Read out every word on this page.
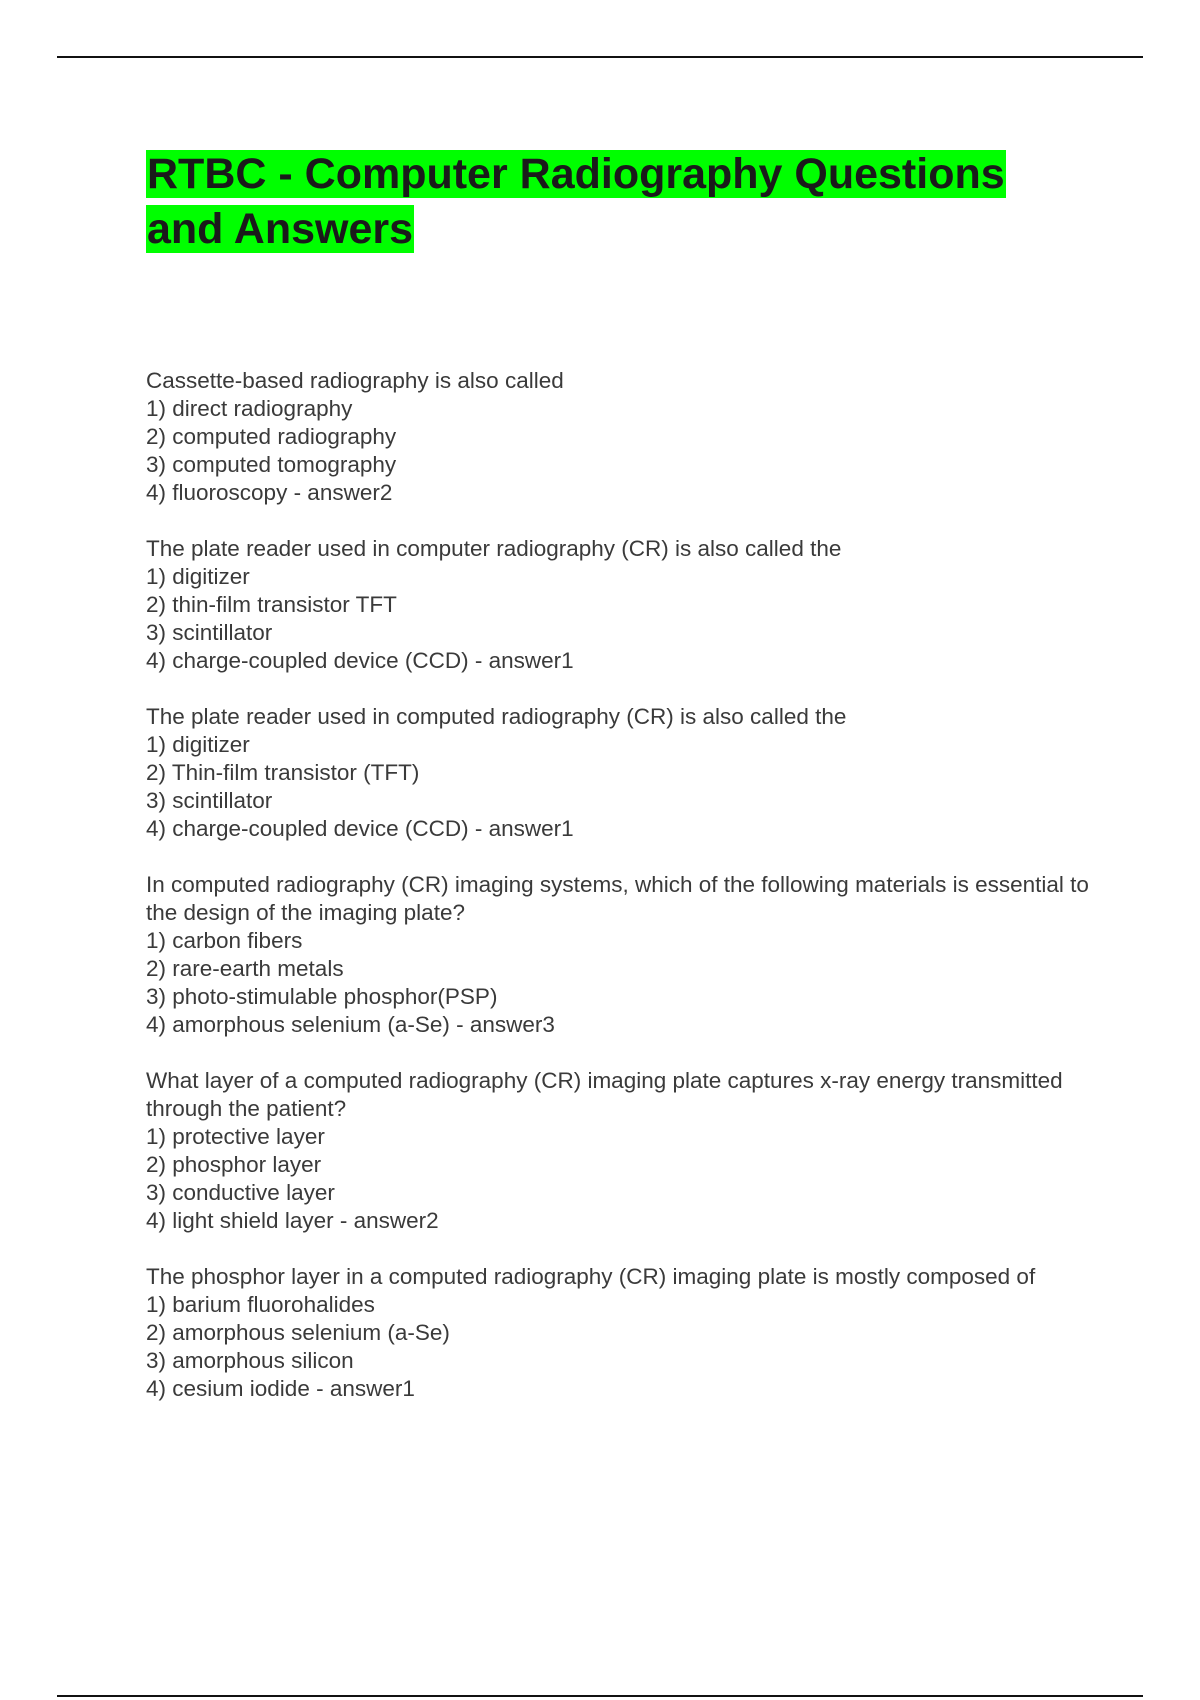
RTBC - Computer Radiography Questions and Answers
Cassette-based radiography is also called
1) direct radiography
2) computed radiography
3) computed tomography
4) fluoroscopy - answer2
The plate reader used in computer radiography (CR) is also called the
1) digitizer
2) thin-film transistor TFT
3) scintillator
4) charge-coupled device (CCD) - answer1
The plate reader used in computed radiography (CR) is also called the
1) digitizer
2) Thin-film transistor (TFT)
3) scintillator
4) charge-coupled device (CCD) - answer1
In computed radiography (CR) imaging systems, which of the following materials is essential to the design of the imaging plate?
1) carbon fibers
2) rare-earth metals
3) photo-stimulable phosphor(PSP)
4) amorphous selenium (a-Se) - answer3
What layer of a computed radiography (CR) imaging plate captures x-ray energy transmitted through the patient?
1) protective layer
2) phosphor layer
3) conductive layer
4) light shield layer - answer2
The phosphor layer in a computed radiography (CR) imaging plate is mostly composed of
1) barium fluorohalides
2) amorphous selenium (a-Se)
3) amorphous silicon
4) cesium iodide - answer1
